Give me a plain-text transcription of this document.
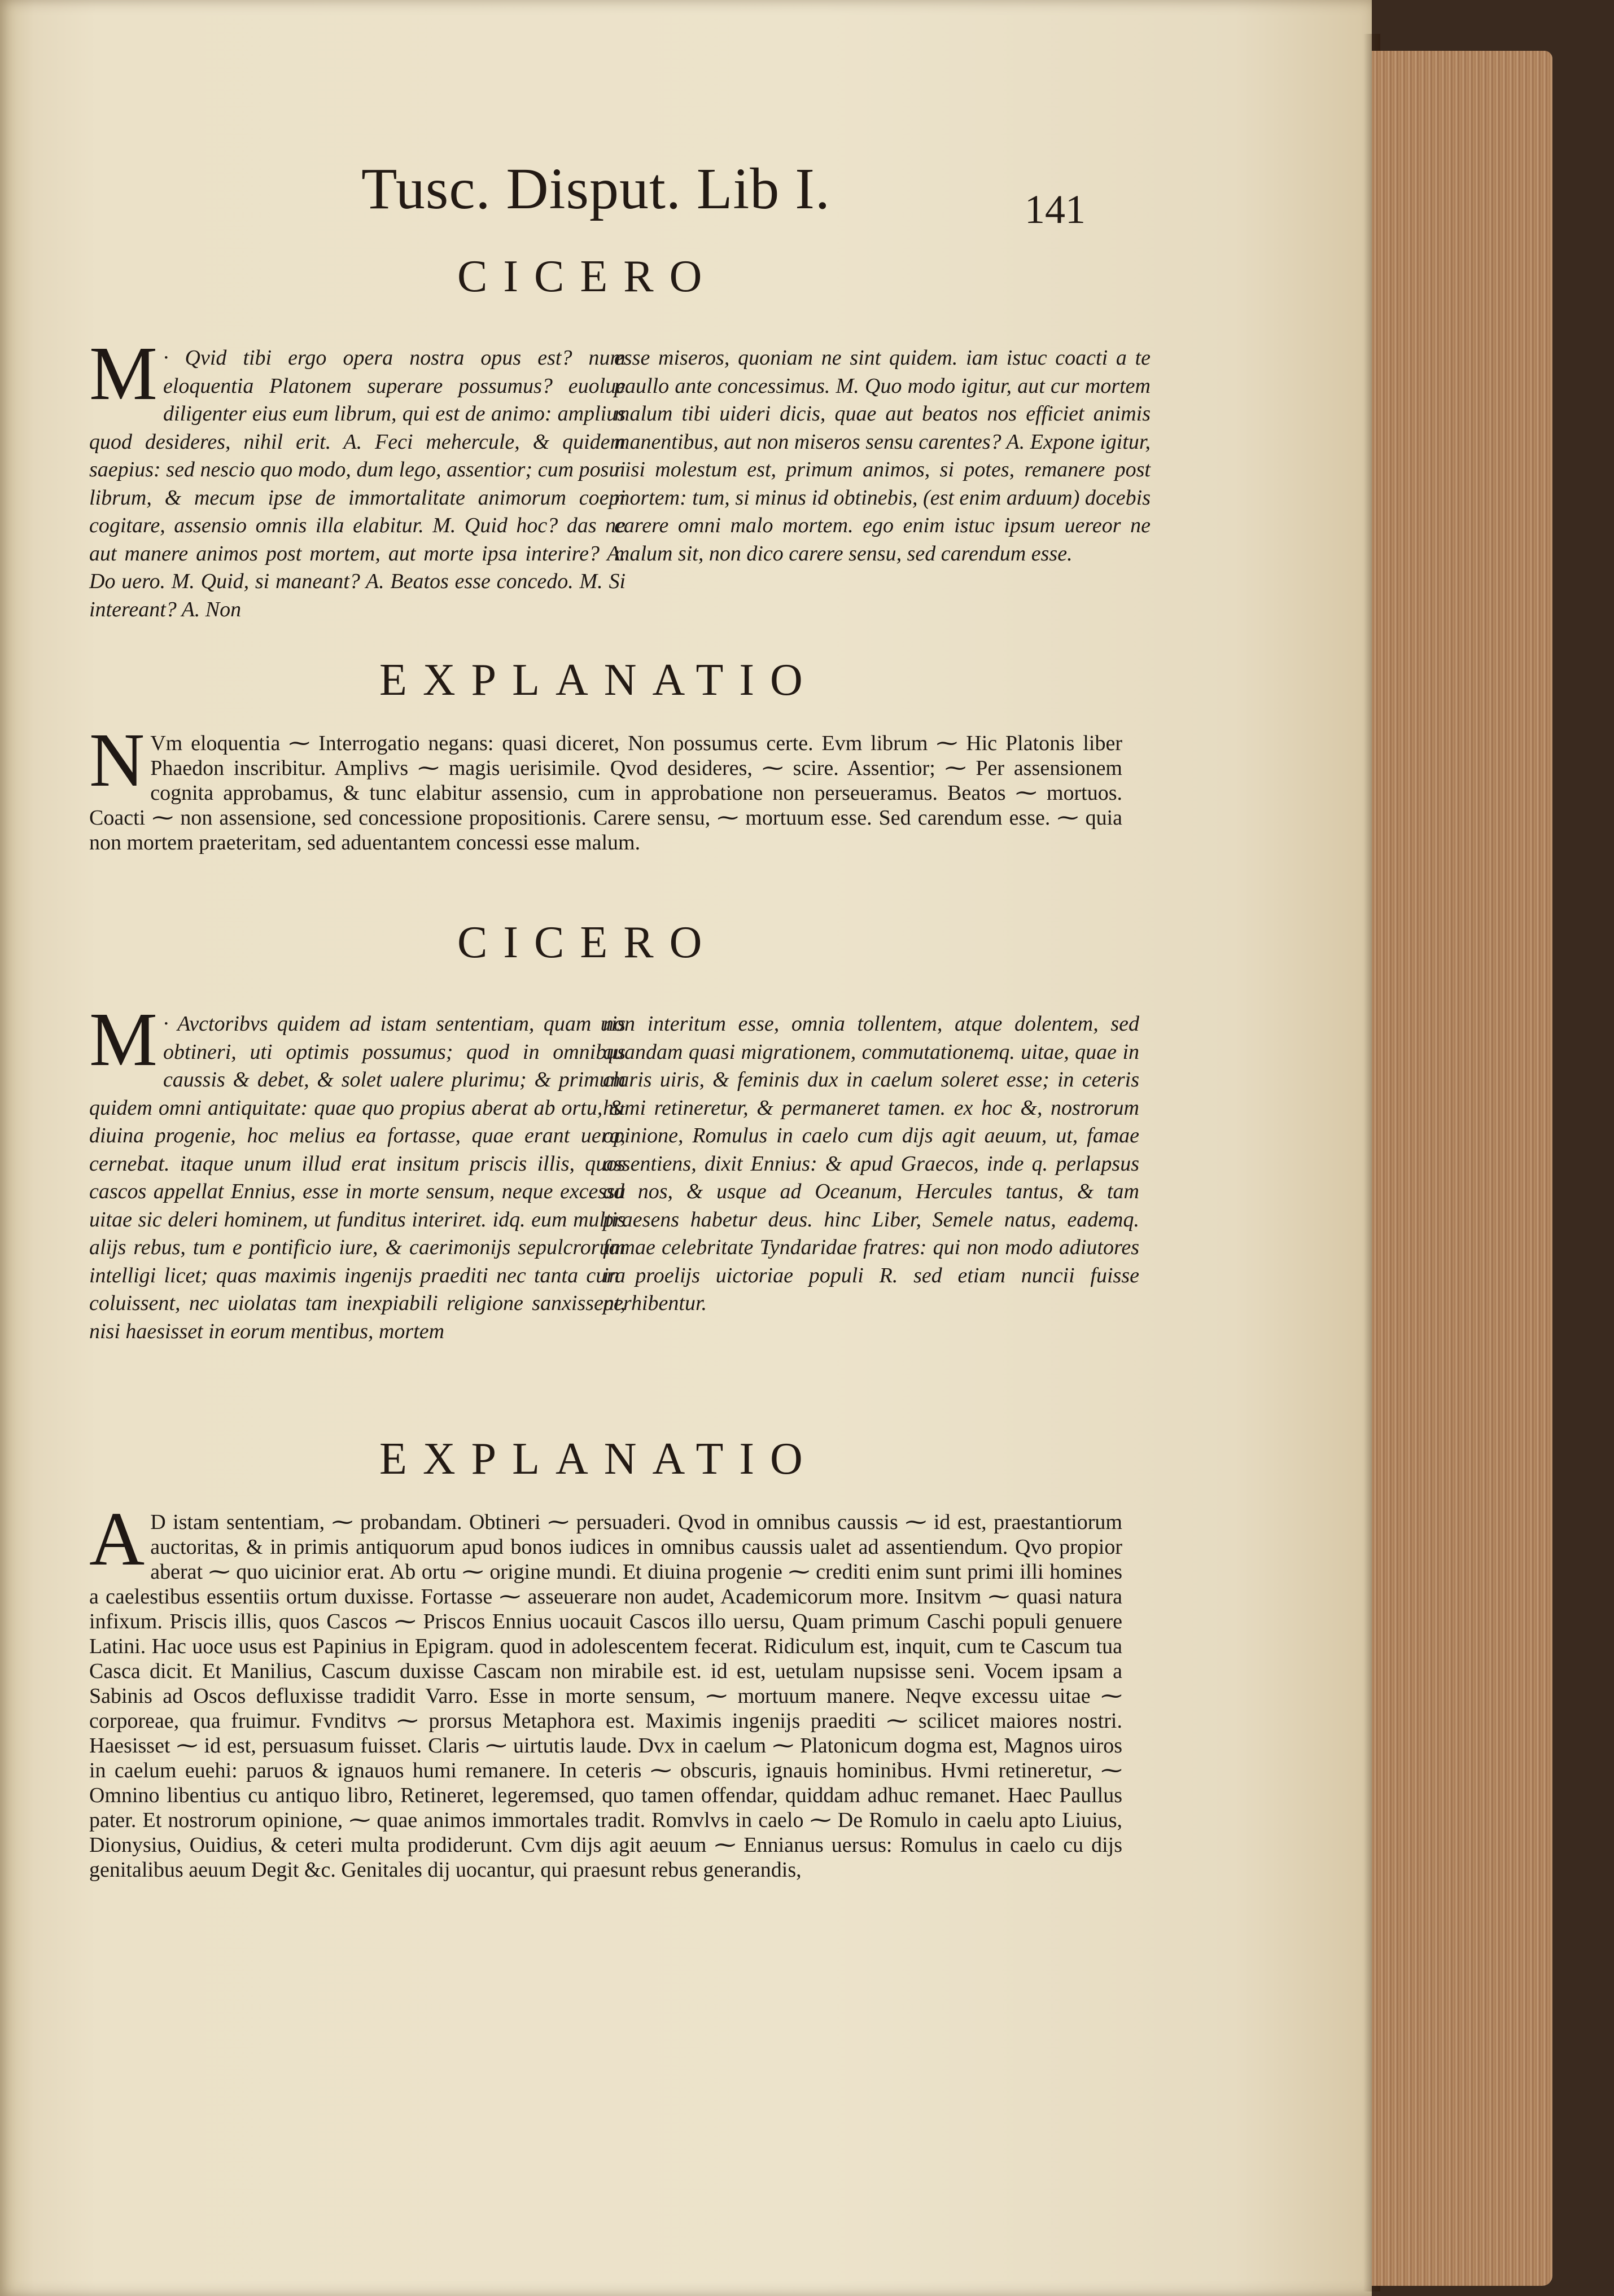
Tusc. Disput. Lib I.	141
CICERO
M · Qvid tibi ergo opera nostra opus est? num eloquentia Platonem superare possumus? euolue diligenter eius eum librum, qui est de animo: amplius quod desideres, nihil erit. A. Feci mehercule, & quidem saepius: sed nescio quo modo, dum lego, assentior; cum posui librum, & mecum ipse de immortalitate animorum coepi cogitare, assensio omnis illa elabitur. M. Quid hoc? das ne aut manere animos post mortem, aut morte ipsa interire? A. Do uero. M. Quid, si maneant? A. Beatos esse concedo. M. Si intereant? A. Non

esse miseros, quoniam ne sint quidem. iam istuc coacti a te paullo ante concessimus. M. Quo modo igitur, aut cur mortem malum tibi uideri dicis, quae aut beatos nos efficiet animis manentibus, aut non miseros sensu carentes? A. Expone igitur, nisi molestum est, primum animos, si potes, remanere post mortem: tum, si minus id obtinebis, (est enim arduum) docebis carere omni malo mortem. ego enim istuc ipsum uereor ne malum sit, non dico carere sensu, sed carendum esse.

EXPLANATIO
N Vm eloquentia ⁓ Interrogatio negans: quasi diceret, Non possumus certe. Evm librum ⁓ Hic Platonis liber Phaedon inscribitur. Amplivs ⁓ magis uerisimile. Qvod desideres, ⁓ scire. Assentior; ⁓ Per assensionem cognita approbamus, & tunc elabitur assensio, cum in approbatione non perseueramus. Beatos ⁓ mortuos. Coacti ⁓ non assensione, sed concessione propositionis. Carere sensu, ⁓ mortuum esse. Sed carendum esse. ⁓ quia non mortem praeteritam, sed aduentantem concessi esse malum.

CICERO
M · Avctoribvs quidem ad istam sententiam, quam uis obtineri, uti optimis possumus; quod in omnibus caussis & debet, & solet ualere plurimu; & primum quidem omni antiquitate: quae quo propius aberat ab ortu, & diuina progenie, hoc melius ea fortasse, quae erant uera, cernebat. itaque unum illud erat insitum priscis illis, quos cascos appellat Ennius, esse in morte sensum, neque excessu uitae sic deleri hominem, ut funditus interiret. idq. eum multis alijs rebus, tum e pontificio iure, & caerimonijs sepulcrorum intelligi licet; quas maximis ingenijs praediti nec tanta cura coluissent, nec uiolatas tam inexpiabili religione sanxissent, nisi haesisset in eorum mentibus, mortem

non interitum esse, omnia tollentem, atque dolentem, sed quandam quasi migrationem, commutationemq. uitae, quae in claris uiris, & feminis dux in caelum soleret esse; in ceteris humi retineretur, & permaneret tamen. ex hoc &, nostrorum opinione, Romulus in caelo cum dijs agit aeuum, ut, famae assentiens, dixit Ennius: & apud Graecos, inde q. perlapsus ad nos, & usque ad Oceanum, Hercules tantus, & tam praesens habetur deus. hinc Liber, Semele natus, eademq. famae celebritate Tyndaridae fratres: qui non modo adiutores in proelijs uictoriae populi R. sed etiam nuncii fuisse perhibentur.

EXPLANATIO
A D istam sententiam, ⁓ probandam. Obtineri ⁓ persuaderi. Qvod in omnibus caussis ⁓ id est, praestantiorum auctoritas, & in primis antiquorum apud bonos iudices in omnibus caussis ualet ad assentiendum. Qvo propior aberat ⁓ quo uicinior erat. Ab ortu ⁓ origine mundi. Et diuina progenie ⁓ crediti enim sunt primi illi homines a caelestibus essentiis ortum duxisse. Fortasse ⁓ asseuerare non audet, Academicorum more. Insitvm ⁓ quasi natura infixum. Priscis illis, quos Cascos ⁓ Priscos Ennius uocauit Cascos illo uersu, Quam primum Caschi populi genuere Latini. Hac uoce usus est Papinius in Epigram. quod in adolescentem fecerat. Ridiculum est, inquit, cum te Cascum tua Casca dicit. Et Manilius, Cascum duxisse Cascam non mirabile est. id est, uetulam nupsisse seni. Vocem ipsam a Sabinis ad Oscos defluxisse tradidit Varro. Esse in morte sensum, ⁓ mortuum manere. Neqve excessu uitae ⁓ corporeae, qua fruimur. Fvnditvs ⁓ prorsus Metaphora est. Maximis ingenijs praediti ⁓ scilicet maiores nostri. Haesisset ⁓ id est, persuasum fuisset. Claris ⁓ uirtutis laude. Dvx in caelum ⁓ Platonicum dogma est, Magnos uiros in caelum euehi: paruos & ignauos humi remanere. In ceteris ⁓ obscuris, ignauis hominibus. Hvmi retineretur, ⁓ Omnino libentius cu antiquo libro, Retineret, legeremsed, quo tamen offendar, quiddam adhuc remanet. Haec Paullus pater. Et nostrorum opinione, ⁓ quae animos immortales tradit. Romvlvs in caelo ⁓ De Romulo in caelu apto Liuius, Dionysius, Ouidius, & ceteri multa prodiderunt. Cvm dijs agit aeuum ⁓ Ennianus uersus: Romulus in caelo cu dijs genitalibus aeuum Degit &c. Genitales dij uocantur, qui praesunt rebus generandis,
